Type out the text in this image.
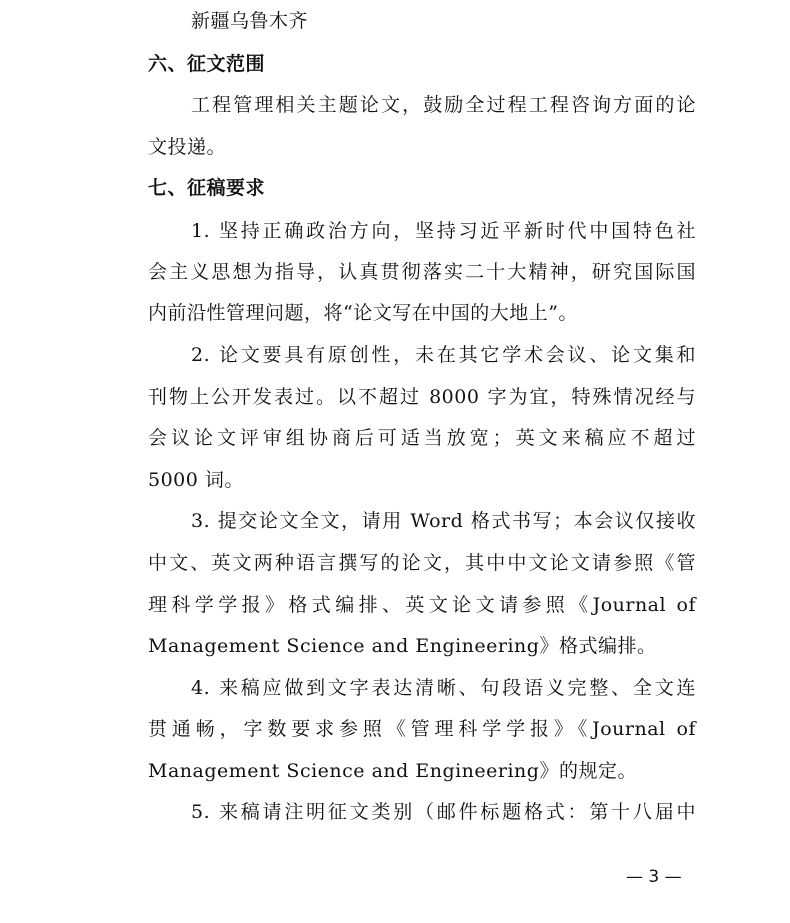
新疆乌鲁木齐
六、征文范围
工程管理相关主题论文，鼓励全过程工程咨询方面的论
文投递。
七、征稿要求
1. 坚持正确政治方向，坚持习近平新时代中国特色社
会主义思想为指导，认真贯彻落实二十大精神，研究国际国
内前沿性管理问题，将“论文写在中国的大地上”。
2. 论文要具有原创性，未在其它学术会议、论文集和
刊物上公开发表过。以不超过 8000 字为宜，特殊情况经与
会议论文评审组协商后可适当放宽；英文来稿应不超过
5000 词。
3. 提交论文全文，请用 Word 格式书写；本会议仅接收
中文、英文两种语言撰写的论文，其中中文论文请参照《管
理科学学报》格式编排、英文论文请参照《Journal of
Management Science and Engineering》格式编排。
4. 来稿应做到文字表达清晰、句段语义完整、全文连
贯通畅，字数要求参照《管理科学学报》《Journal of
Management Science and Engineering》的规定。
5. 来稿请注明征文类别（邮件标题格式：第十八届中
— 3 —
